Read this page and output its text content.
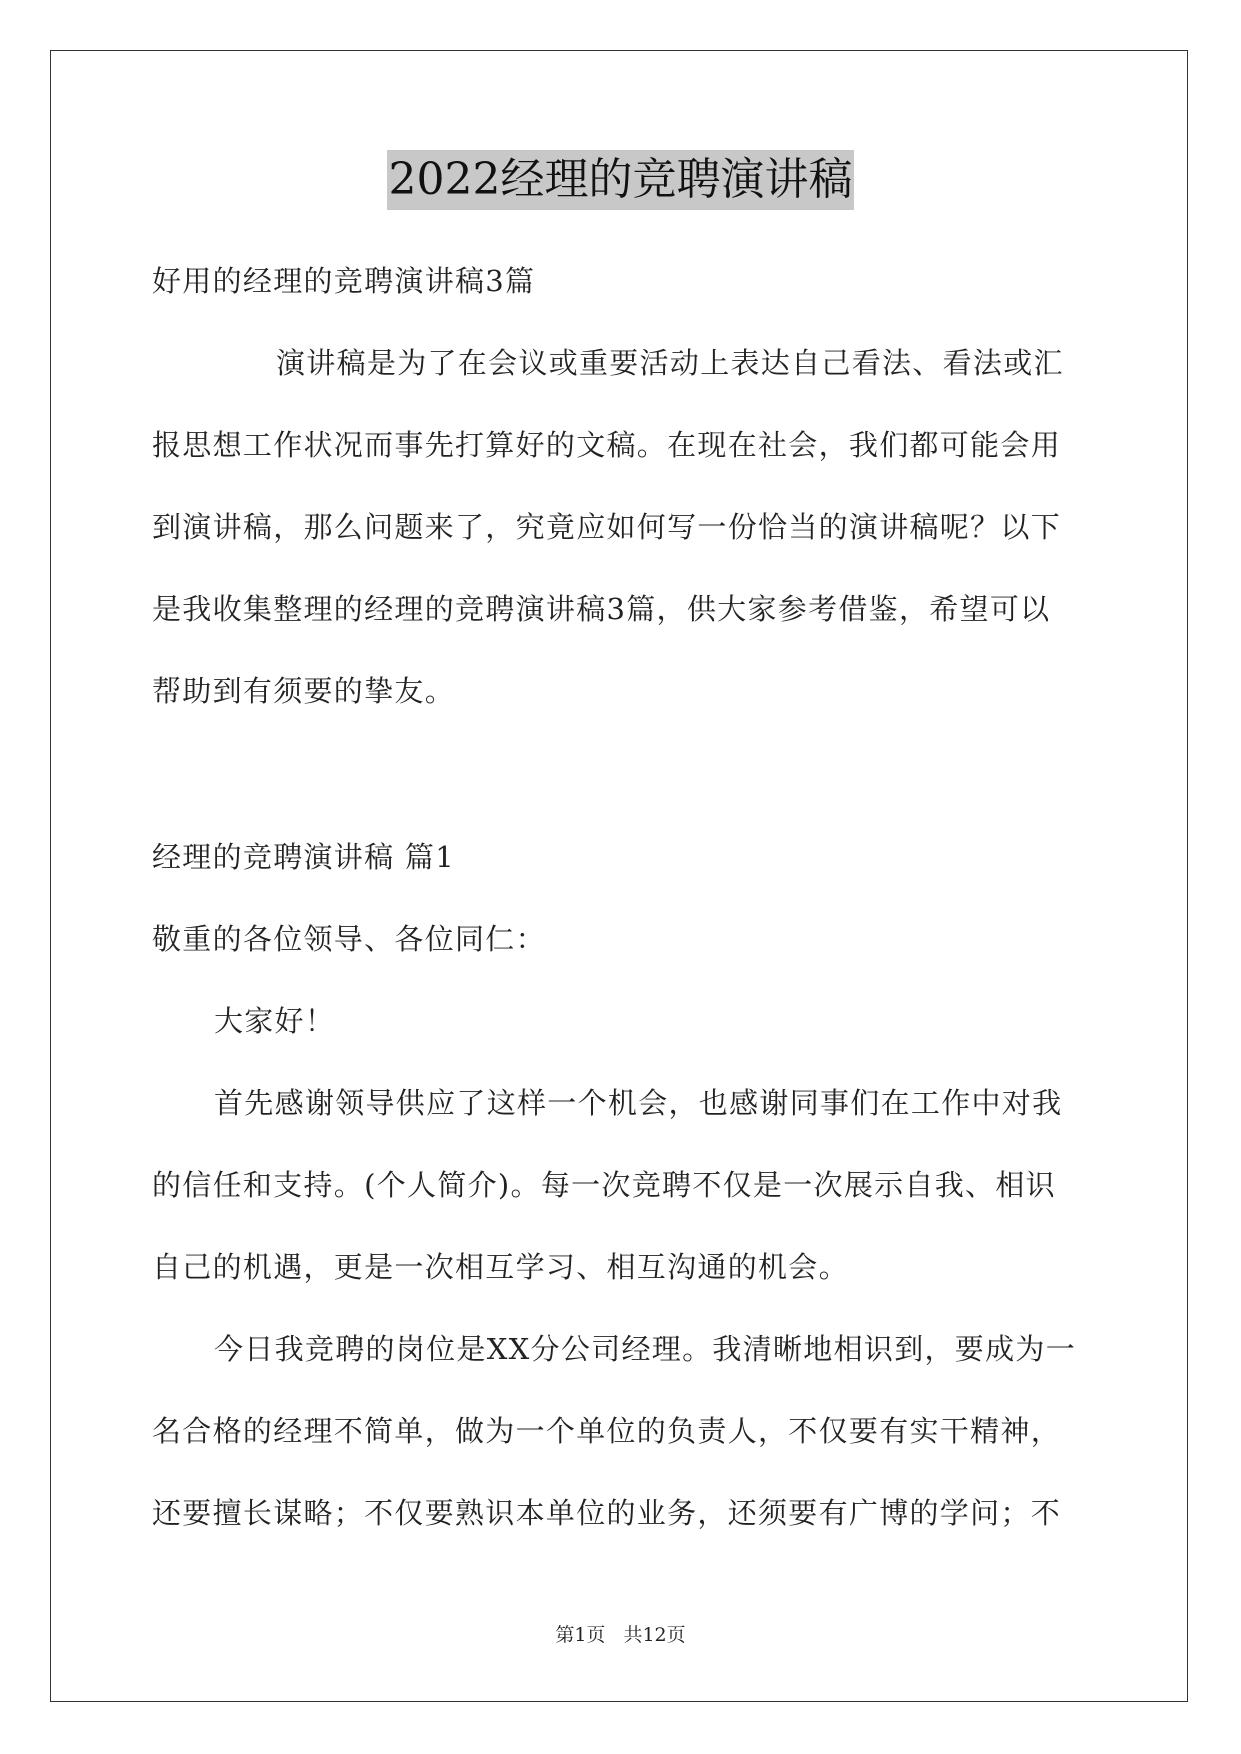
2022经理的竞聘演讲稿
好用的经理的竞聘演讲稿3篇
演讲稿是为了在会议或重要活动上表达自己看法、看法或汇
报思想工作状况而事先打算好的文稿。在现在社会，我们都可能会用
到演讲稿，那么问题来了，究竟应如何写一份恰当的演讲稿呢？以下
是我收集整理的经理的竞聘演讲稿3篇，供大家参考借鉴，希望可以
帮助到有须要的挚友。
经理的竞聘演讲稿 篇1
敬重的各位领导、各位同仁：
大家好！
首先感谢领导供应了这样一个机会，也感谢同事们在工作中对我
的信任和支持。(个人简介)。每一次竞聘不仅是一次展示自我、相识
自己的机遇，更是一次相互学习、相互沟通的机会。
今日我竞聘的岗位是XX分公司经理。我清晰地相识到，要成为一
名合格的经理不简单，做为一个单位的负责人，不仅要有实干精神，
还要擅长谋略；不仅要熟识本单位的业务，还须要有广博的学问；不
第1页 共12页
